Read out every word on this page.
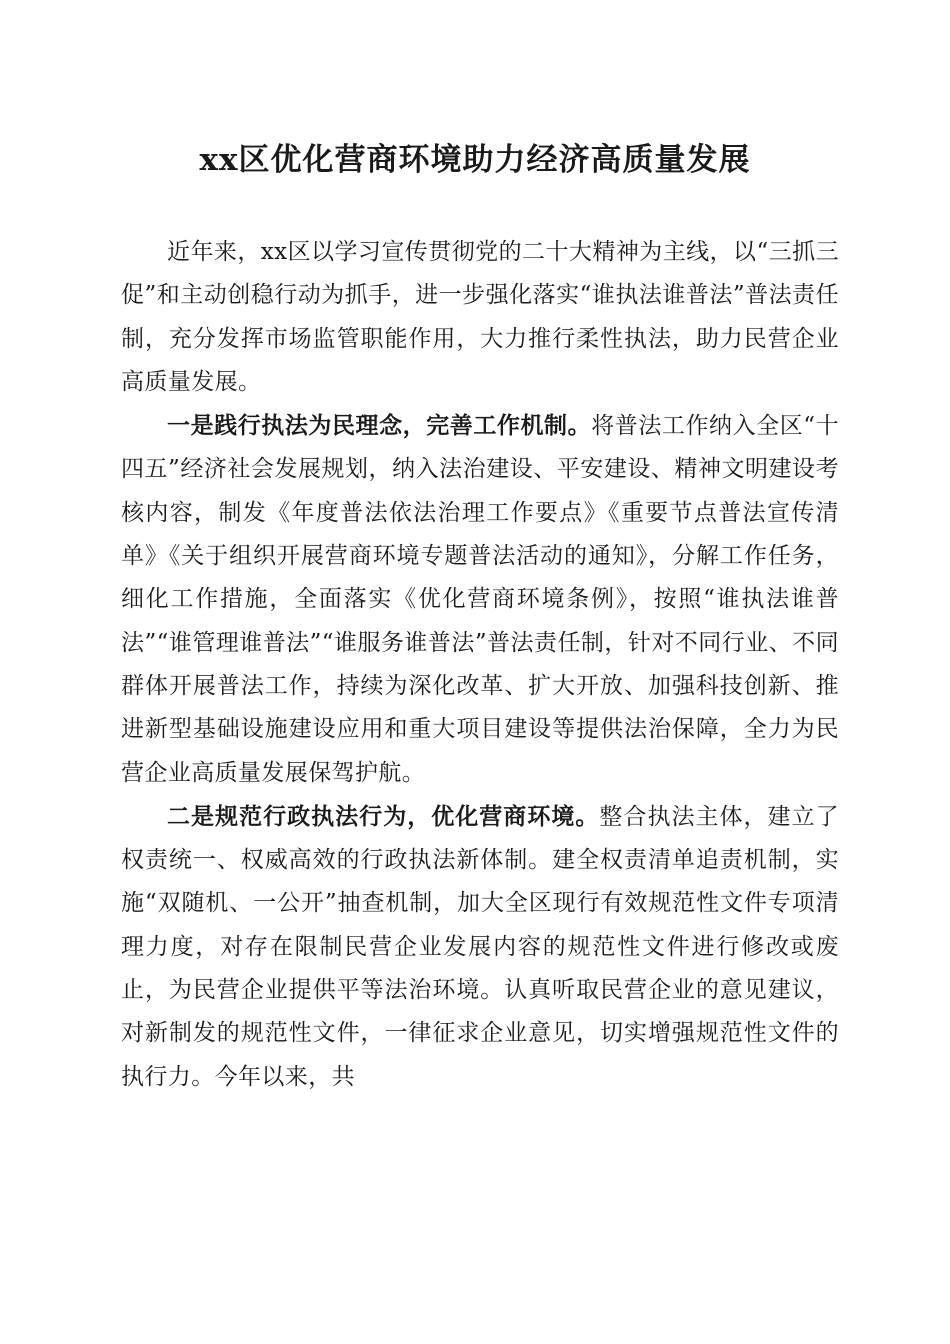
xx区优化营商环境助力经济高质量发展

近年来，xx区以学习宣传贯彻党的二十大精神为主线，以“三抓三促”和主动创稳行动为抓手，进一步强化落实“谁执法谁普法”普法责任制，充分发挥市场监管职能作用，大力推行柔性执法，助力民营企业高质量发展。

一是践行执法为民理念，完善工作机制。将普法工作纳入全区“十四五”经济社会发展规划，纳入法治建设、平安建设、精神文明建设考核内容，制发《年度普法依法治理工作要点》《重要节点普法宣传清单》《关于组织开展营商环境专题普法活动的通知》，分解工作任务，细化工作措施，全面落实《优化营商环境条例》，按照“谁执法谁普法”“谁管理谁普法”“谁服务谁普法”普法责任制，针对不同行业、不同群体开展普法工作，持续为深化改革、扩大开放、加强科技创新、推进新型基础设施建设应用和重大项目建设等提供法治保障，全力为民营企业高质量发展保驾护航。

二是规范行政执法行为，优化营商环境。整合执法主体，建立了权责统一、权威高效的行政执法新体制。建全权责清单追责机制，实施“双随机、一公开”抽查机制，加大全区现行有效规范性文件专项清理力度，对存在限制民营企业发展内容的规范性文件进行修改或废止，为民营企业提供平等法治环境。认真听取民营企业的意见建议，对新制发的规范性文件，一律征求企业意见，切实增强规范性文件的执行力。今年以来，共
